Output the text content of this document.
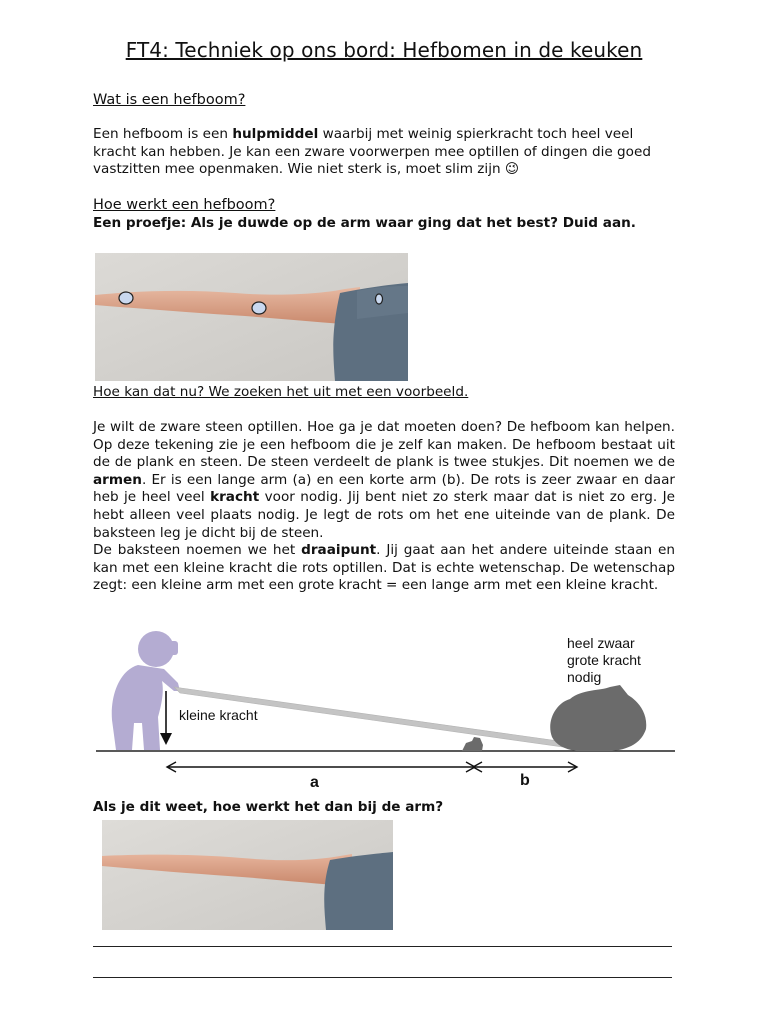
FT4: Techniek op ons bord: Hefbomen in de keuken
Wat is een hefboom?
Een hefboom is een hulpmiddel waarbij met weinig spierkracht toch heel veel kracht kan hebben. Je kan een zware voorwerpen mee optillen of dingen die goed vastzitten mee openmaken. Wie niet sterk is, moet slim zijn 😉
Hoe werkt een hefboom?
Een proefje: Als je duwde op de arm waar ging dat het best? Duid aan.
Hoe kan dat nu? We zoeken het uit met een voorbeeld.
Je wilt de zware steen optillen. Hoe ga je dat moeten doen? De hefboom kan helpen. Op deze tekening zie je een hefboom die je zelf kan maken. De hefboom bestaat uit de de plank en steen. De steen verdeelt de plank is twee stukjes. Dit noemen we de armen. Er is een lange arm (a) en een korte arm (b). De rots is zeer zwaar en daar heb je heel veel kracht voor nodig. Jij bent niet zo sterk maar dat is niet zo erg. Je hebt alleen veel plaats nodig. Je legt de rots om het ene uiteinde van de plank. De baksteen leg je dicht bij de steen.
De baksteen noemen we het draaipunt. Jij gaat aan het andere uiteinde staan en kan met een kleine kracht die rots optillen. Dat is echte wetenschap. De wetenschap zegt: een kleine arm met een grote kracht = een lange arm met een kleine kracht.
kleine kracht
heel zwaar
grote kracht
nodig
a	b
Als je dit weet, hoe werkt het dan bij de arm?
